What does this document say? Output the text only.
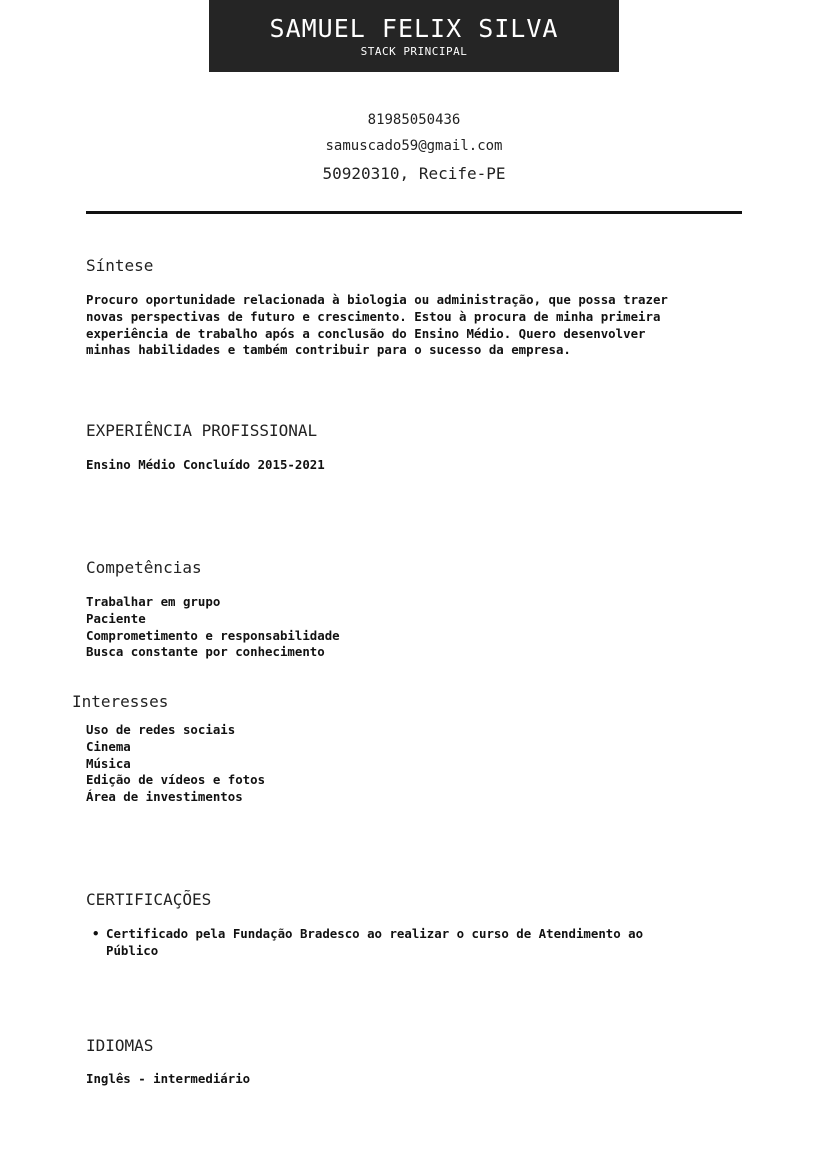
SAMUEL FELIX SILVA
STACK PRINCIPAL
81985050436
samuscado59@gmail.com
50920310, Recife-PE
Síntese
Procuro oportunidade relacionada à biologia ou administração, que possa trazer
novas perspectivas de futuro e crescimento. Estou à procura de minha primeira
experiência de trabalho após a conclusão do Ensino Médio. Quero desenvolver
minhas habilidades e também contribuir para o sucesso da empresa.
EXPERIÊNCIA PROFISSIONAL
Ensino Médio Concluído 2015-2021
Competências
Trabalhar em grupo
Paciente
Comprometimento e responsabilidade
Busca constante por conhecimento
Interesses
Uso de redes sociais
Cinema
Música
Edição de vídeos e fotos
Área de investimentos
CERTIFICAÇÕES
• Certificado pela Fundação Bradesco ao realizar o curso de Atendimento ao
Público
IDIOMAS
Inglês - intermediário
